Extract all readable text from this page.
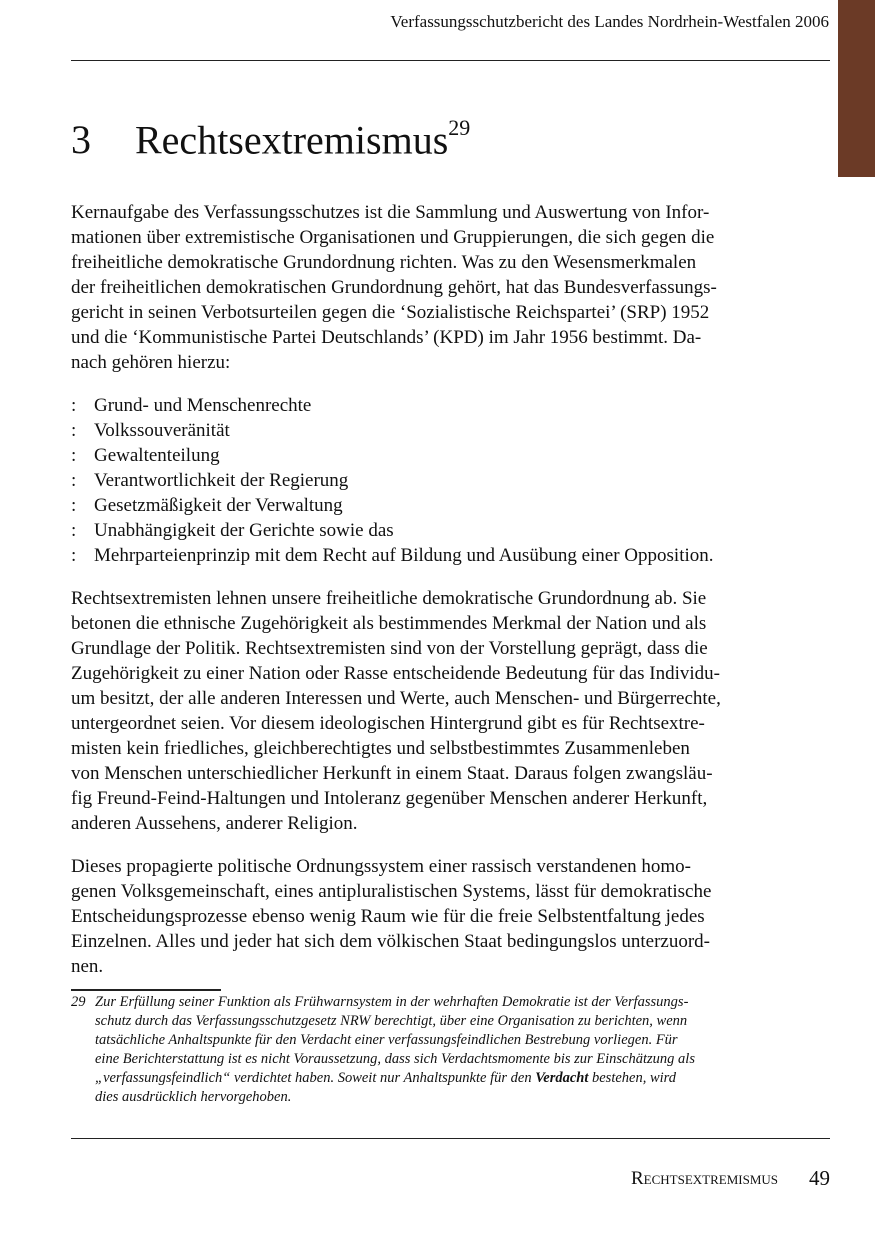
Verfassungsschutzbericht des Landes Nordrhein-Westfalen 2006
3 Rechtsextremismus$^{29}$

Kernaufgabe des Verfassungsschutzes ist die Sammlung und Auswertung von Infor-
mationen über extremistische Organisationen und Gruppierungen, die sich gegen die
freiheitliche demokratische Grundordnung richten. Was zu den Wesensmerkmalen
der freiheitlichen demokratischen Grundordnung gehört, hat das Bundesverfassungs-
gericht in seinen Verbotsurteilen gegen die ‘Sozialistische Reichspartei’ (SRP) 1952
und die ‘Kommunistische Partei Deutschlands’ (KPD) im Jahr 1956 bestimmt. Da-
nach gehören hierzu:

: Grund- und Menschenrechte
: Volkssouveränität
: Gewaltenteilung
: Verantwortlichkeit der Regierung
: Gesetzmäßigkeit der Verwaltung
: Unabhängigkeit der Gerichte sowie das
: Mehrparteienprinzip mit dem Recht auf Bildung und Ausübung einer Opposition.

Rechtsextremisten lehnen unsere freiheitliche demokratische Grundordnung ab. Sie
betonen die ethnische Zugehörigkeit als bestimmendes Merkmal der Nation und als
Grundlage der Politik. Rechtsextremisten sind von der Vorstellung geprägt, dass die
Zugehörigkeit zu einer Nation oder Rasse entscheidende Bedeutung für das Individu-
um besitzt, der alle anderen Interessen und Werte, auch Menschen- und Bürgerrechte,
untergeordnet seien. Vor diesem ideologischen Hintergrund gibt es für Rechtsextre-
misten kein friedliches, gleichberechtigtes und selbstbestimmtes Zusammenleben
von Menschen unterschiedlicher Herkunft in einem Staat. Daraus folgen zwangsläu-
fig Freund-Feind-Haltungen und Intoleranz gegenüber Menschen anderer Herkunft,
anderen Aussehens, anderer Religion.

Dieses propagierte politische Ordnungssystem einer rassisch verstandenen homo-
genen Volksgemeinschaft, eines antipluralistischen Systems, lässt für demokratische
Entscheidungsprozesse ebenso wenig Raum wie für die freie Selbstentfaltung jedes
Einzelnen. Alles und jeder hat sich dem völkischen Staat bedingungslos unterzuord-
nen.

29 Zur Erfüllung seiner Funktion als Frühwarnsystem in der wehrhaften Demokratie ist der Verfassungs-
schutz durch das Verfassungsschutzgesetz NRW berechtigt, über eine Organisation zu berichten, wenn
tatsächliche Anhaltspunkte für den Verdacht einer verfassungsfeindlichen Bestrebung vorliegen. Für
eine Berichterstattung ist es nicht Voraussetzung, dass sich Verdachtsmomente bis zur Einschätzung als
„verfassungsfeindlich“ verdichtet haben. Soweit nur Anhaltspunkte für den Verdacht bestehen, wird
dies ausdrücklich hervorgehoben.
Rechtsextremismus 49
